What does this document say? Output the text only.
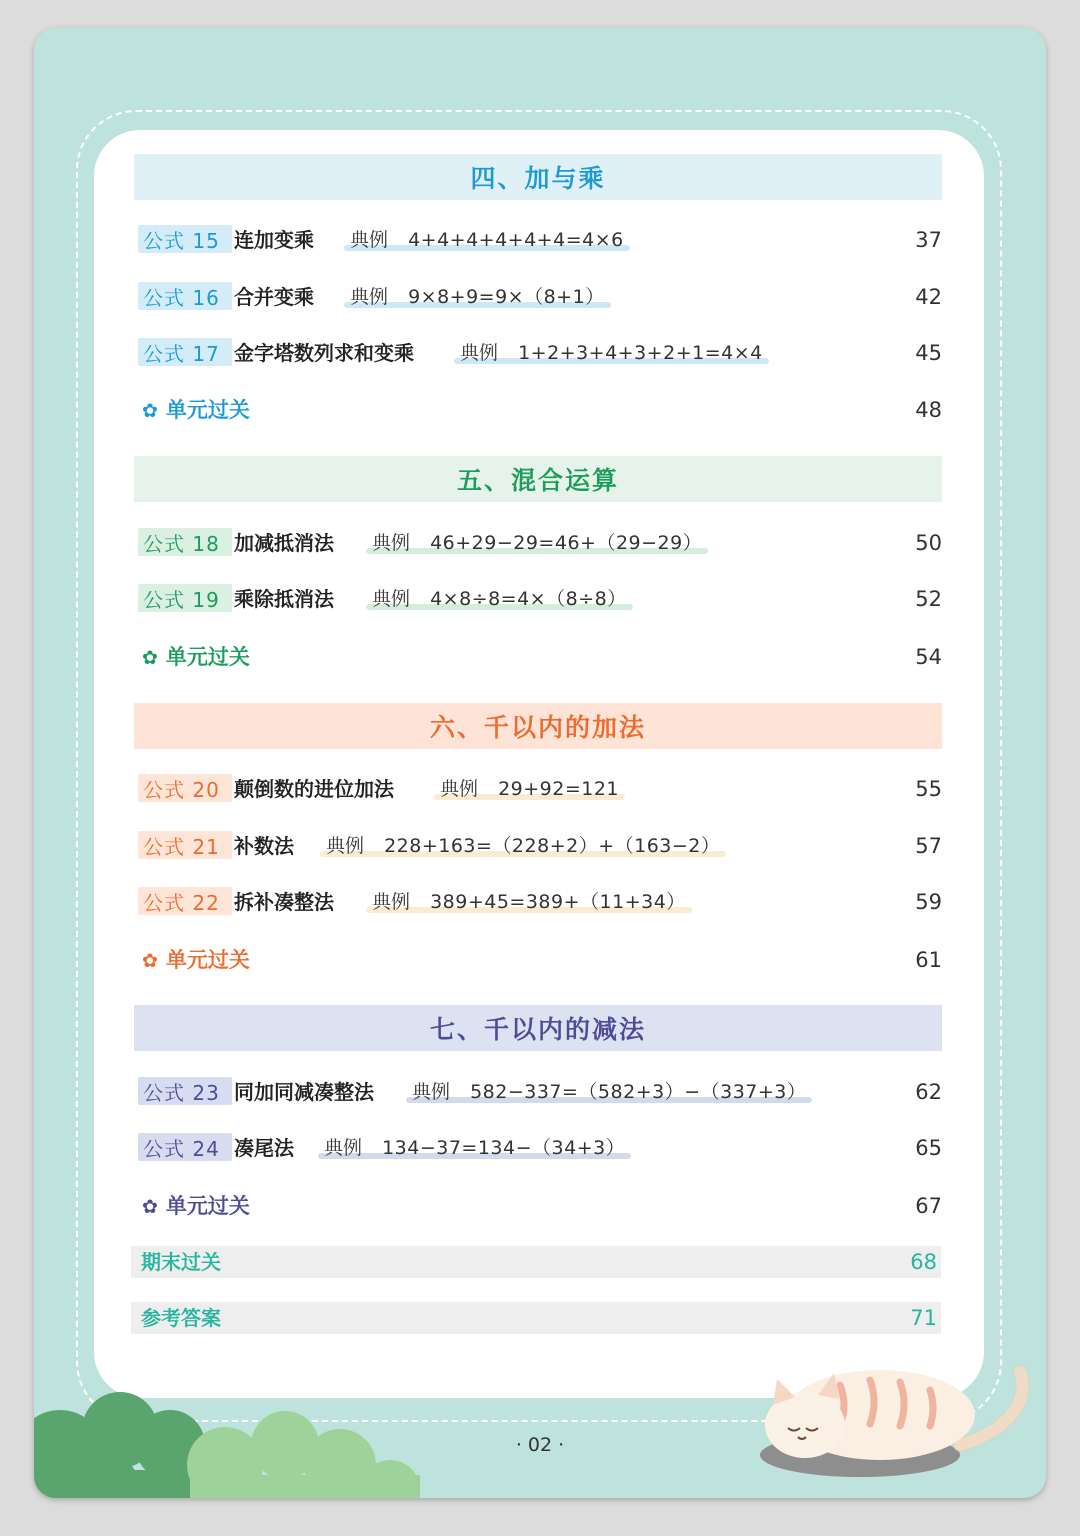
四、加与乘
公式 15 连加变乘	典例 4+4+4+4+4+4=4×6	37
公式 16 合并变乘	典例 9×8+9=9×（8+1）	42
公式 17 金字塔数列求和变乘	典例 1+2+3+4+3+2+1=4×4	45
✿ 单元过关	48
五、混合运算
公式 18 加减抵消法	典例 46+29−29=46+（29−29）	50
公式 19 乘除抵消法	典例 4×8÷8=4×（8÷8）	52
✿ 单元过关	54
六、千以内的加法
公式 20 颠倒数的进位加法	典例 29+92=121	55
公式 21 补数法	典例 228+163=（228+2）+（163−2）	57
公式 22 拆补凑整法	典例 389+45=389+（11+34）	59
✿ 单元过关	61
七、千以内的减法
公式 23 同加同减凑整法	典例 582−337=（582+3）−（337+3）	62
公式 24 凑尾法	典例 134−37=134−（34+3）	65
✿ 单元过关	67
期末过关	68
参考答案	71
· 02 ·
